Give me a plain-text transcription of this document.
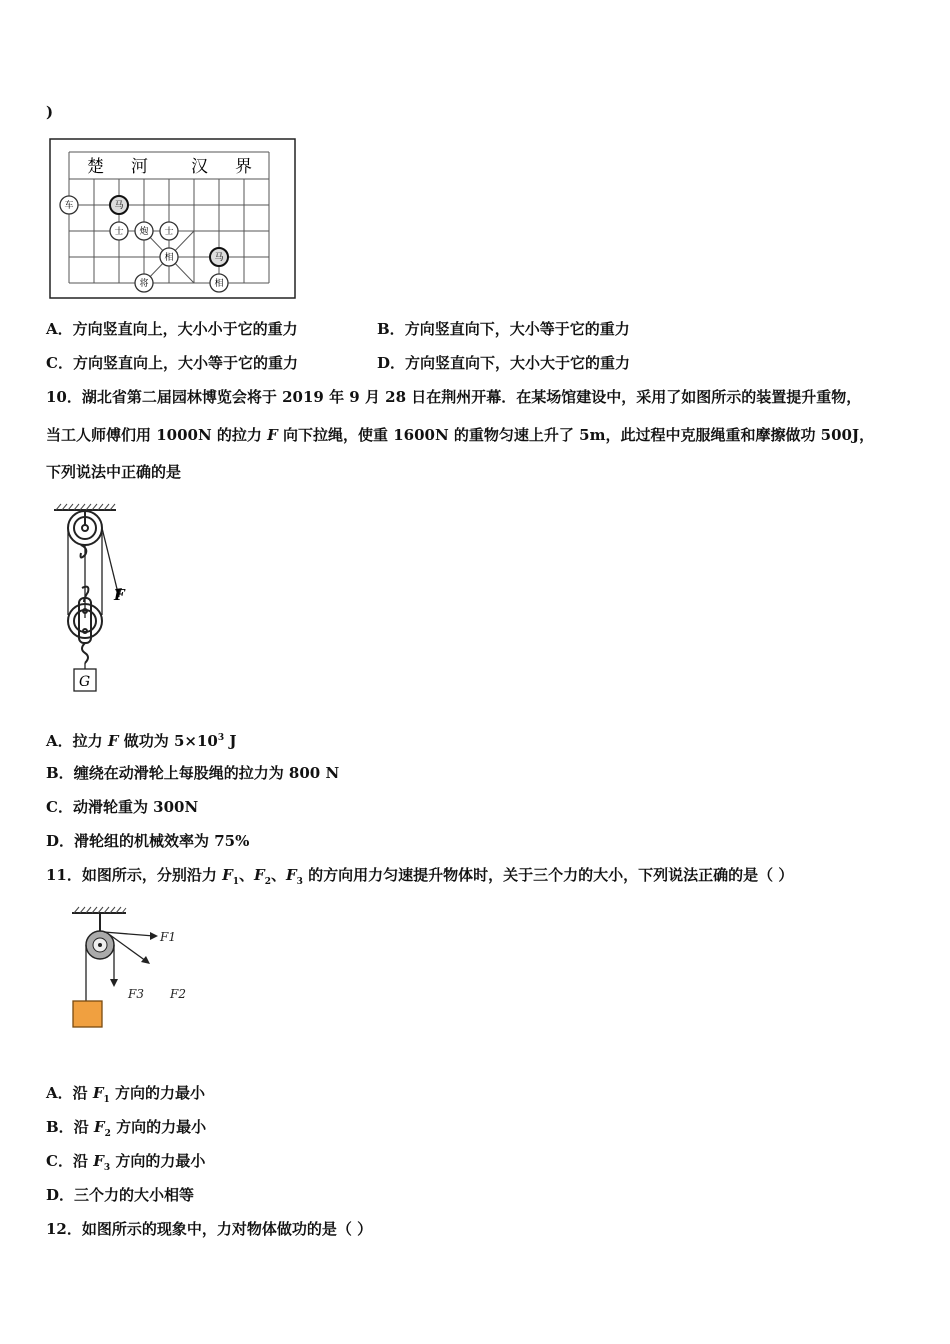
)
楚 河	汉 界
车	马
士 炮 士
相
将	相
马
A．方向竖直向上，大小小于它的重力	B．方向竖直向下，大小等于它的重力
C．方向竖直向上，大小等于它的重力	D．方向竖直向下，大小大于它的重力
10．湖北省第二届园林博览会将于 2019 年 9 月 28 日在荆州开幕．在某场馆建设中，采用了如图所示的装置提升重物，
当工人师傅们用 1000N 的拉力 F 向下拉绳，使重 1600N 的重物匀速上升了 5m，此过程中克服绳重和摩擦做功 500J，
下列说法中正确的是
F
G
A．拉力 F 做功为 $5\times 10^3$ J
B．缠绕在动滑轮上每股绳的拉力为 800 N
C．动滑轮重为 300N
D．滑轮组的机械效率为 75%
11．如图所示，分别沿力 $F_1$、$F_2$、$F_3$ 的方向用力匀速提升物体时，关于三个力的大小，下列说法正确的是（ ）
F1
F2
F3
A．沿 $F_1$ 方向的力最小
B．沿 $F_2$ 方向的力最小
C．沿 $F_3$ 方向的力最小
D．三个力的大小相等
12．如图所示的现象中，力对物体做功的是（ ）
